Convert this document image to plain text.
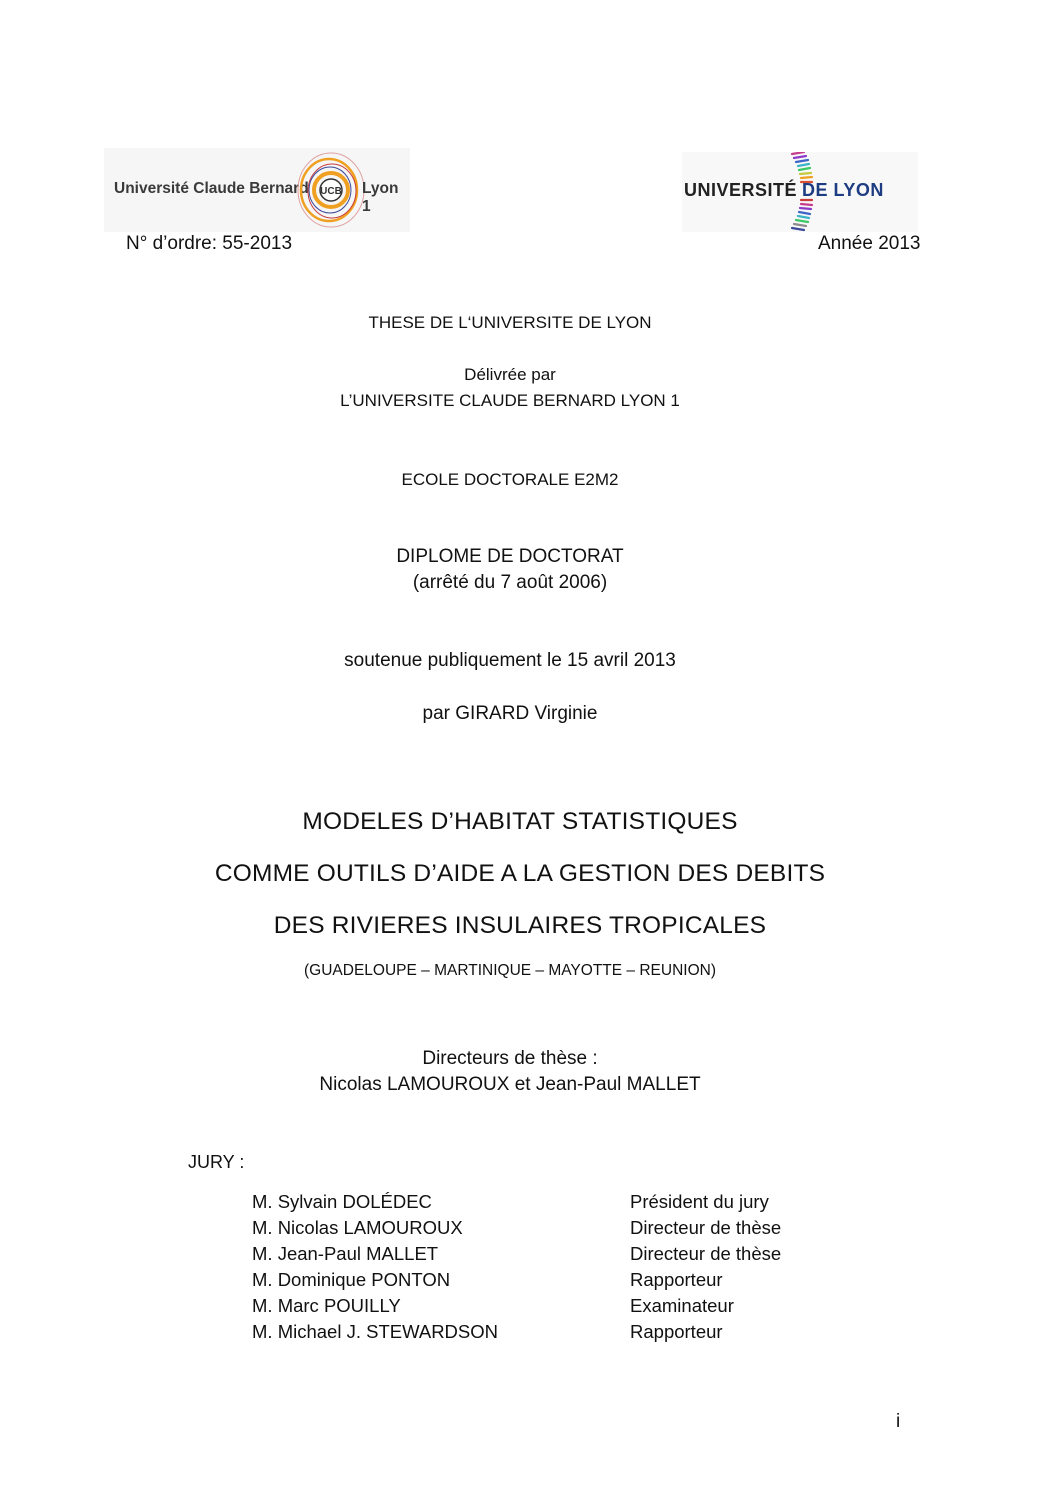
Université Claude Bernard UCB Lyon 1
UNIVERSITÉ DE LYON
N° d’ordre: 55-2013	Année 2013
THESE DE L‘UNIVERSITE DE LYON
Délivrée par
L’UNIVERSITE CLAUDE BERNARD LYON 1
ECOLE DOCTORALE E2M2
DIPLOME DE DOCTORAT
(arrêté du 7 août 2006)
soutenue publiquement le 15 avril 2013
par GIRARD Virginie
MODELES D’HABITAT STATISTIQUES
COMME OUTILS D’AIDE A LA GESTION DES DEBITS
DES RIVIERES INSULAIRES TROPICALES
(GUADELOUPE – MARTINIQUE – MAYOTTE – REUNION)
Directeurs de thèse :
Nicolas LAMOUROUX et Jean-Paul MALLET
JURY :
M. Sylvain DOLÉDEC	Président du jury
M. Nicolas LAMOUROUX	Directeur de thèse
M. Jean-Paul MALLET	Directeur de thèse
M. Dominique PONTON	Rapporteur
M. Marc POUILLY	Examinateur
M. Michael J. STEWARDSON	Rapporteur
i
